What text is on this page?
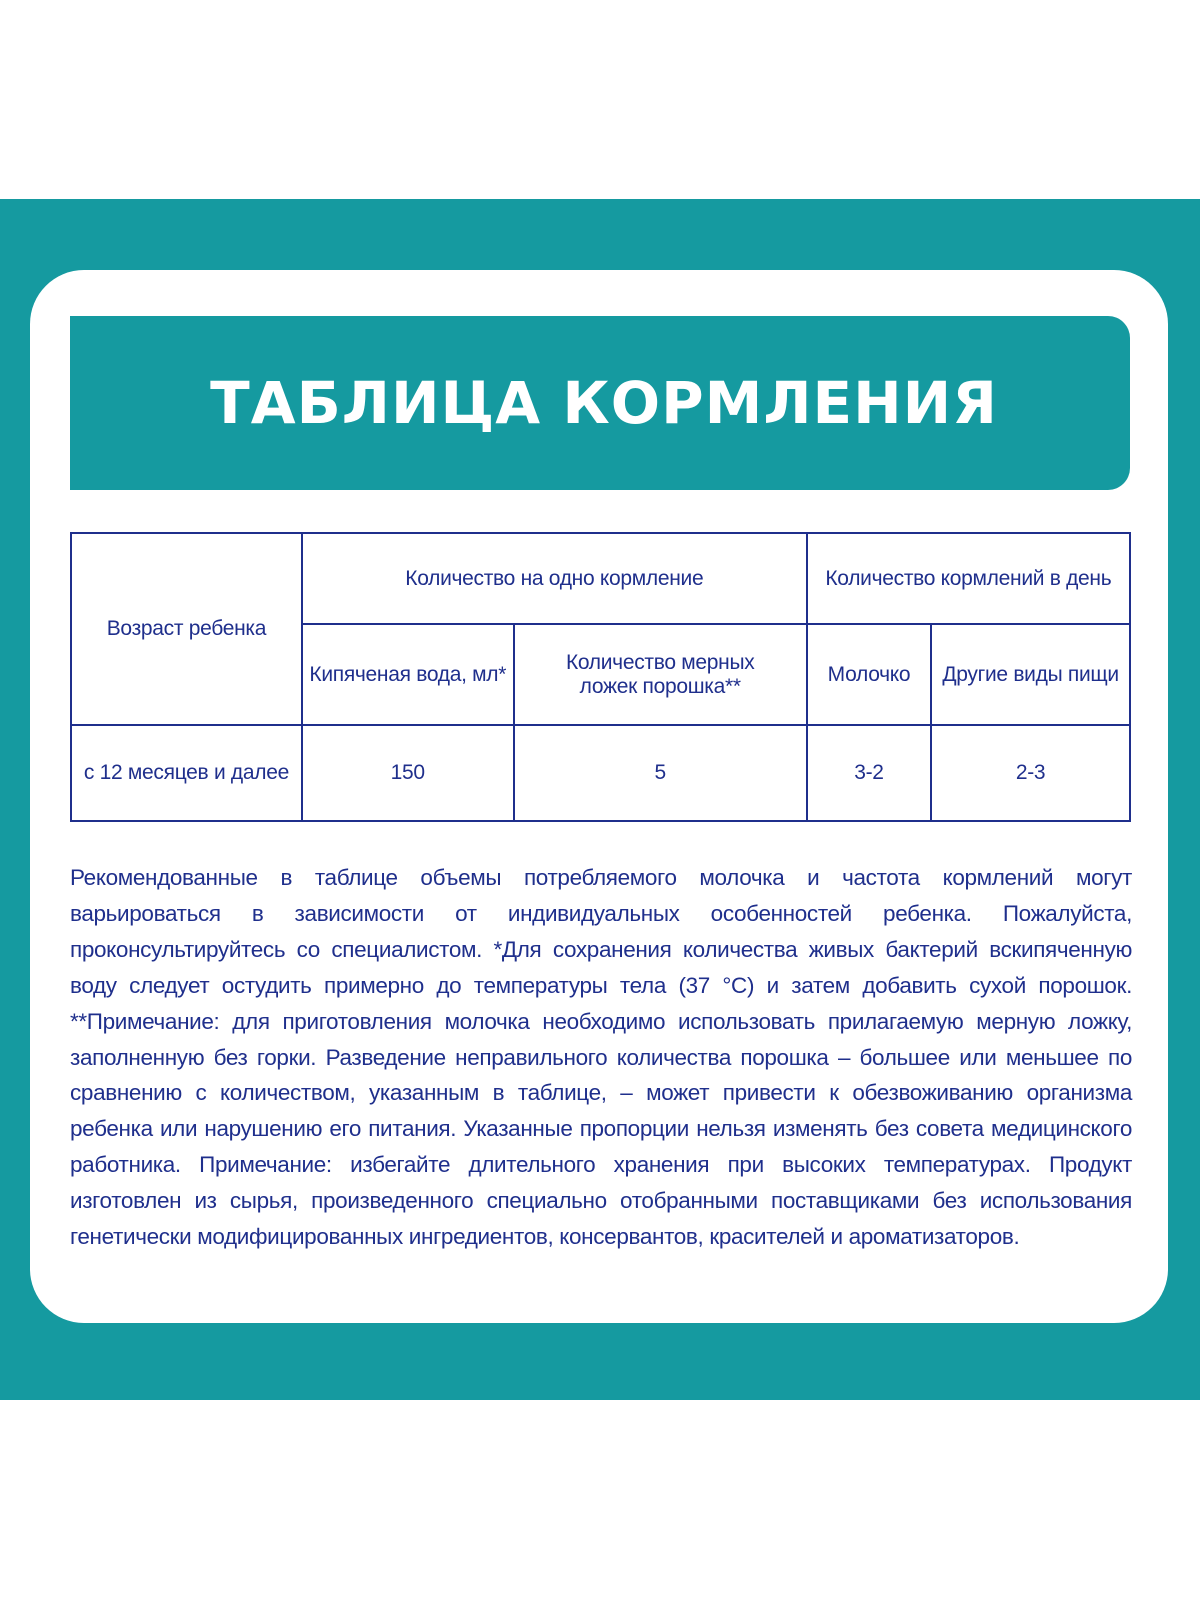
ТАБЛИЦА КОРМЛЕНИЯ
Возраст ребенка	Количество на одно кормление		Количество кормлений в день	
	Кипяченая вода, мл*	Количество мерных ложек порошка**	Молочко	Другие виды пищи
с 12 месяцев и далее	150	5	3-2	2-3

Рекомендованные в таблице объемы потребляемого молочка и частота кормлений могут варьироваться в зависимости от индивидуальных особенностей ребенка. Пожалуйста, проконсультируйтесь со специалистом. *Для сохранения количества живых бактерий вскипяченную воду следует остудить примерно до температуры тела (37 °С) и затем добавить сухой порошок. **Примечание: для приготовления молочка необходимо использовать прилагаемую мерную ложку, заполненную без горки. Разведение неправильного количества порошка – большее или меньшее по сравнению с количеством, указанным в таблице, – может привести к обезвоживанию организма ребенка или нарушению его питания. Указанные пропорции нельзя изменять без совета медицинского работника. Примечание: избегайте длительного хранения при высоких температурах. Продукт изготовлен из сырья, произведенного специально отобранными поставщиками без использования генетически модифицированных ингредиентов, консервантов, красителей и ароматизаторов.
